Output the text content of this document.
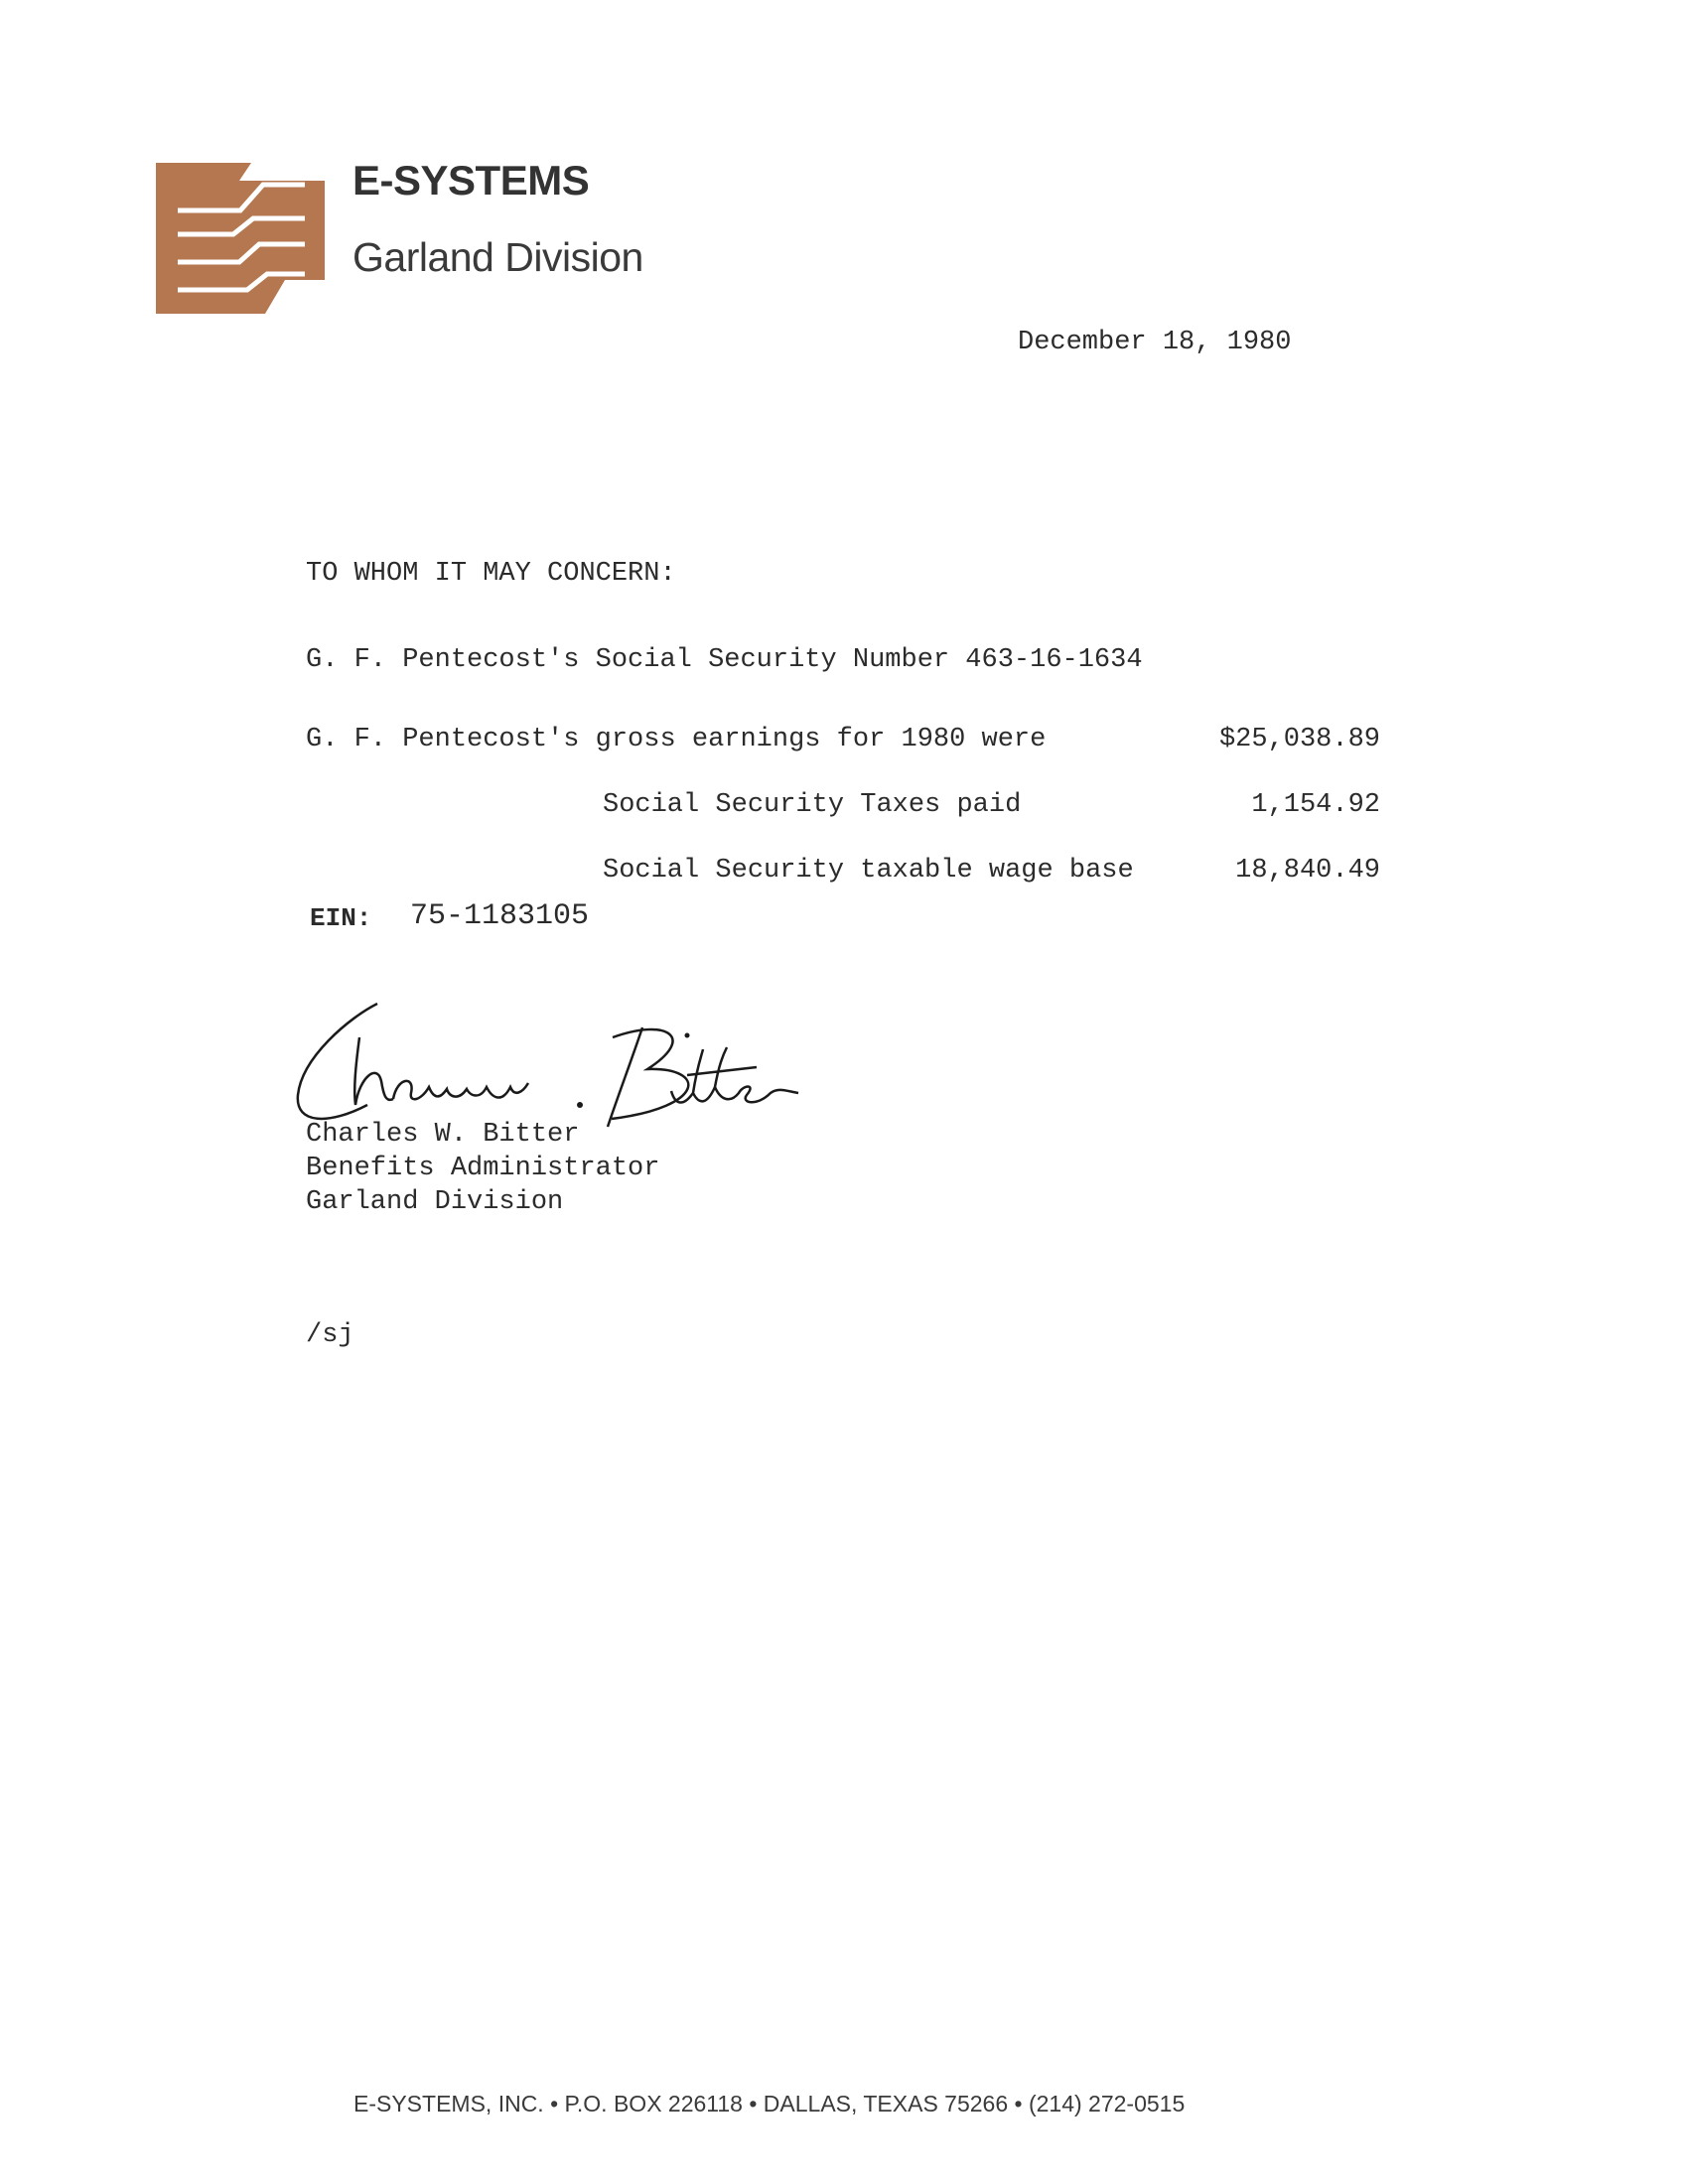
E-SYSTEMS
Garland Division
December 18, 1980
TO WHOM IT MAY CONCERN:
G. F. Pentecost's Social Security Number 463-16-1634
G. F. Pentecost's gross earnings for 1980 were	$25,038.89
Social Security Taxes paid	1,154.92
Social Security taxable wage base	18,840.49
EIN: 75-1183105
Charles W. Bitter
Benefits Administrator
Garland Division
/sj
E-SYSTEMS, INC. • P.O. BOX 226118 • DALLAS, TEXAS 75266 • (214) 272-0515
